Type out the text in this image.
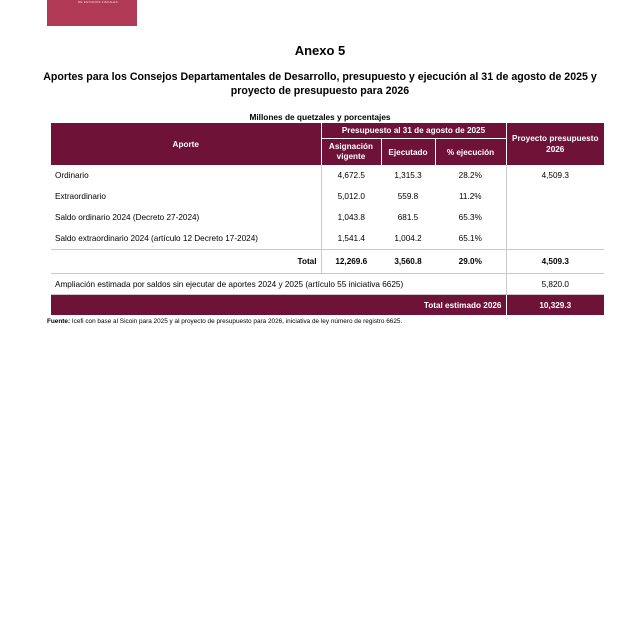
DE ESTUDIOS FISCALES
Anexo 5
Aportes para los Consejos Departamentales de Desarrollo, presupuesto y ejecución al 31 de agosto de 2025 y proyecto de presupuesto para 2026
Millones de quetzales y porcentajes
Aporte	Presupuesto al 31 de agosto de 2025			Proyecto presupuesto 2026
	Asignación vigente	Ejecutado	% ejecución	
Ordinario	4,672.5	1,315.3	28.2%	4,509.3
Extraordinario	5,012.0	559.8	11.2%	
Saldo ordinario 2024 (Decreto 27-2024)	1,043.8	681.5	65.3%	
Saldo extraordinario 2024 (artículo 12 Decreto 17-2024)	1,541.4	1,004.2	65.1%	
Total	12,269.6	3,560.8	29.0%	4,509.3
Ampliación estimada por saldos sin ejecutar de aportes 2024 y 2025 (artículo 55 iniciativa 6625)				5,820.0
Total estimado 2026				10,329.3
Fuente: Icefi con base al Sicoin para 2025 y al proyecto de presupuesto para 2026, iniciativa de ley número de registro 6625.
